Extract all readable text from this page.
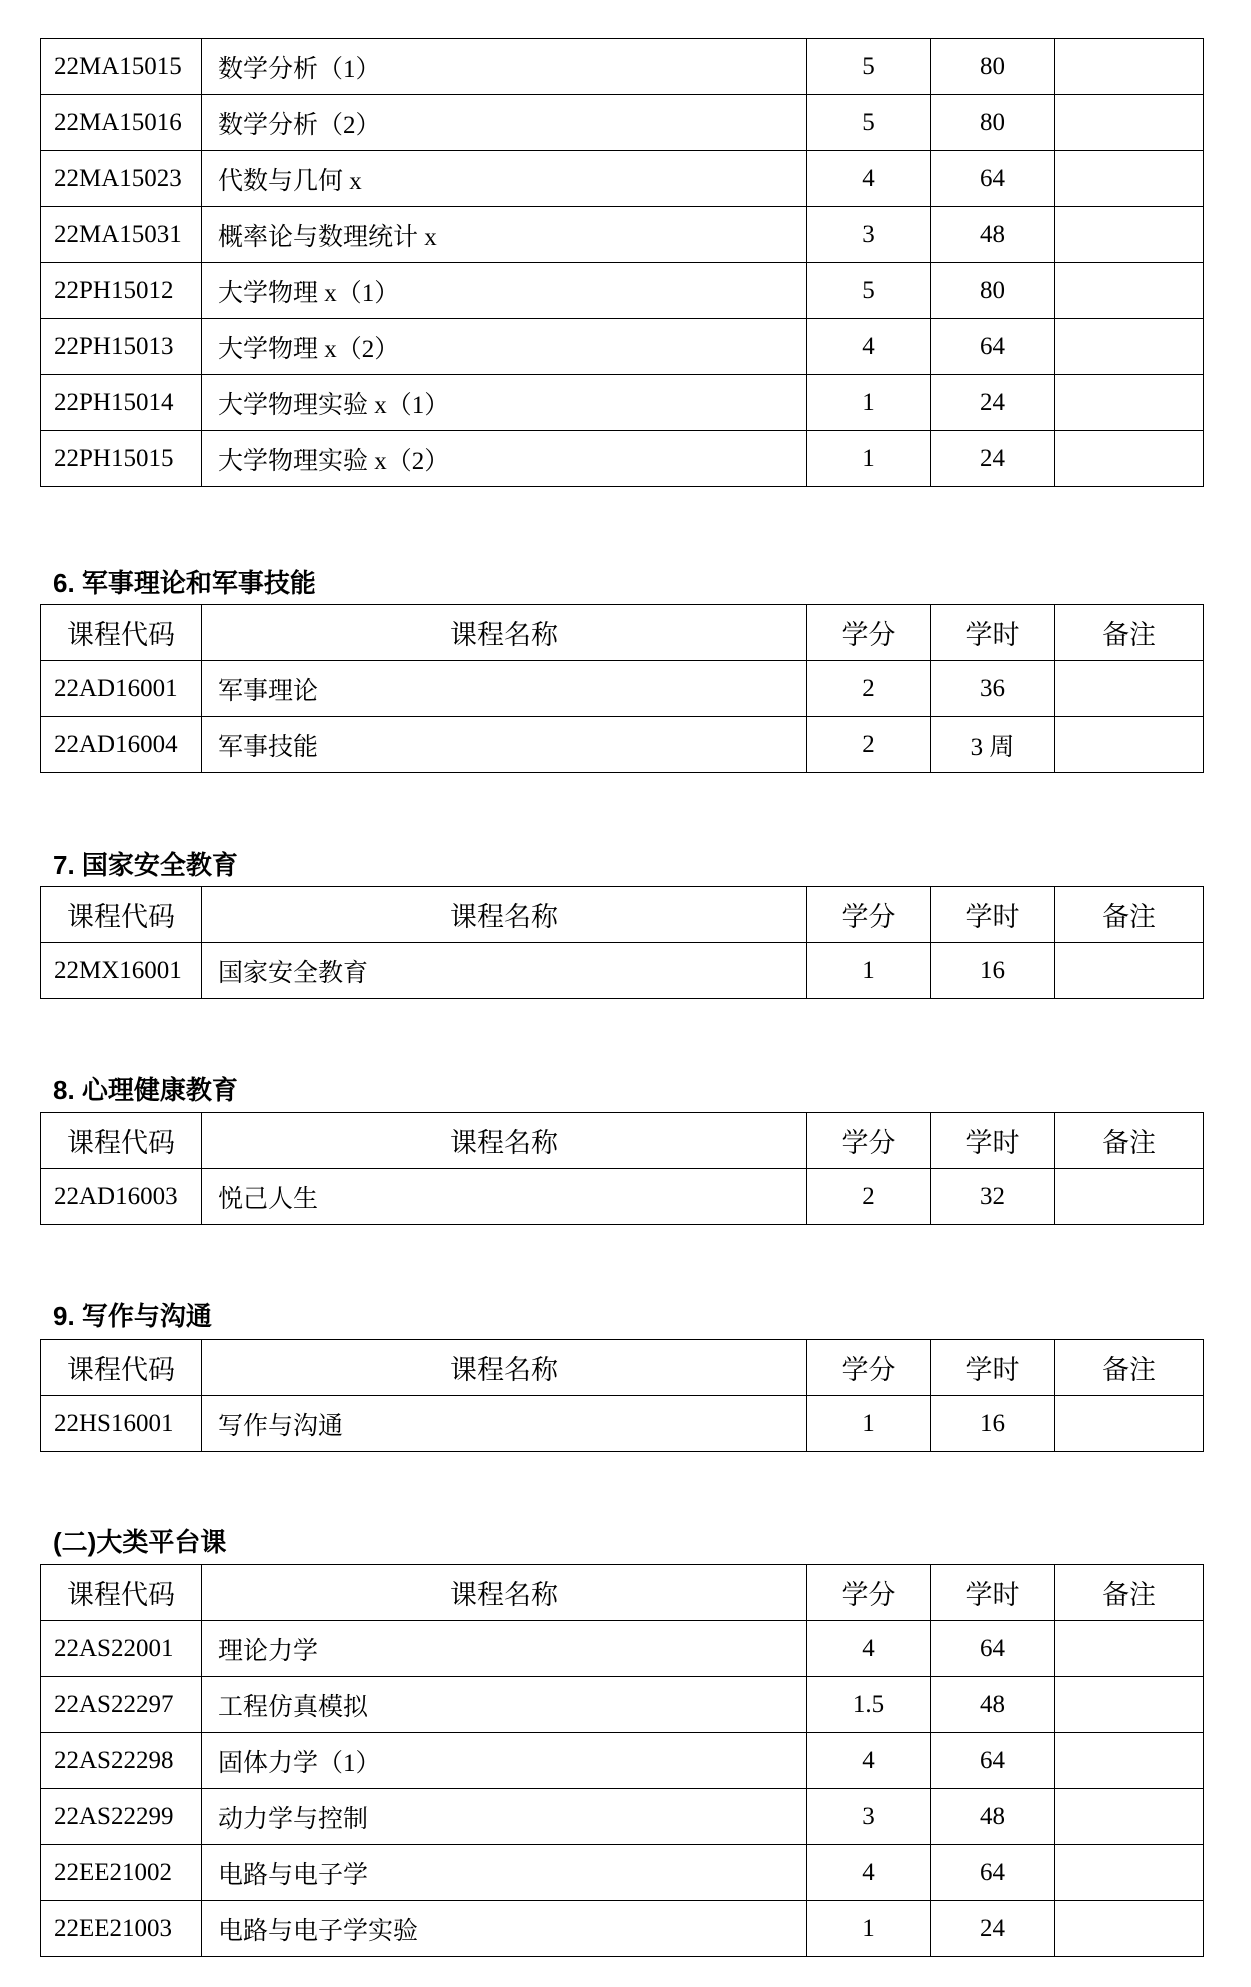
22MA15015	数学分析（1）	5	80	
22MA15016	数学分析（2）	5	80	
22MA15023	代数与几何 x	4	64	
22MA15031	概率论与数理统计 x	3	48	
22PH15012	大学物理 x（1）	5	80	
22PH15013	大学物理 x（2）	4	64	
22PH15014	大学物理实验 x（1）	1	24	
22PH15015	大学物理实验 x（2）	1	24	
6. 军事理论和军事技能
课程代码	课程名称	学分	学时	备注
22AD16001	军事理论	2	36	
22AD16004	军事技能	2	3 周	
7. 国家安全教育
课程代码	课程名称	学分	学时	备注
22MX16001	国家安全教育	1	16	
8. 心理健康教育
课程代码	课程名称	学分	学时	备注
22AD16003	悦己人生	2	32	
9. 写作与沟通
课程代码	课程名称	学分	学时	备注
22HS16001	写作与沟通	1	16	
(二)大类平台课
课程代码	课程名称	学分	学时	备注
22AS22001	理论力学	4	64	
22AS22297	工程仿真模拟	1.5	48	
22AS22298	固体力学（1）	4	64	
22AS22299	动力学与控制	3	48	
22EE21002	电路与电子学	4	64	
22EE21003	电路与电子学实验	1	24	
